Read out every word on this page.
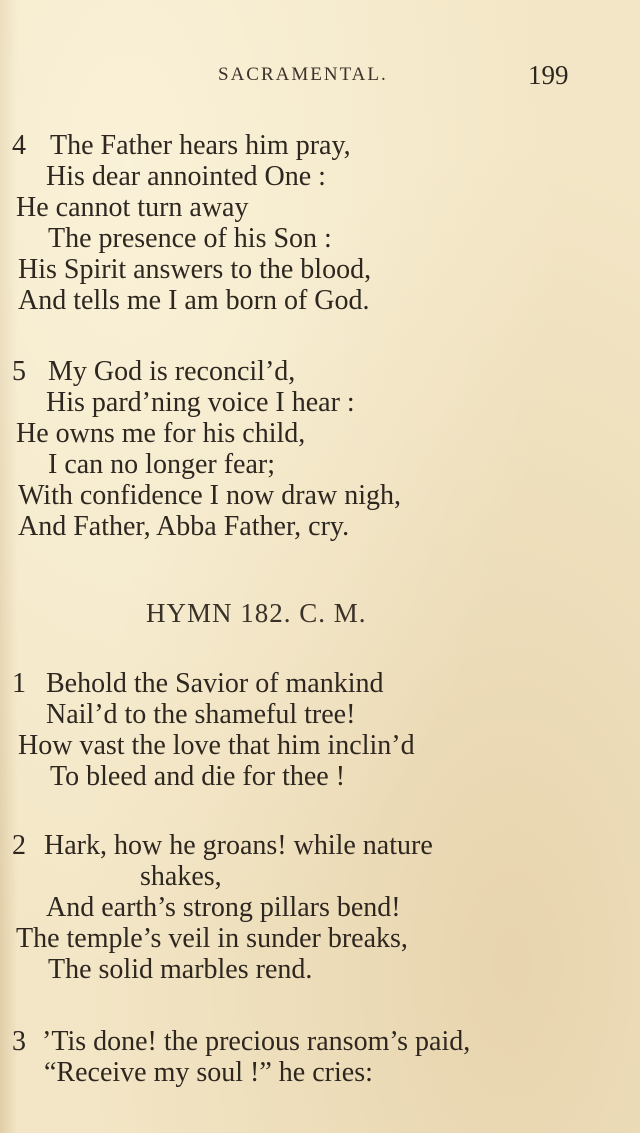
SACRAMENTAL.	199
4 The Father hears him pray,
His dear annointed One :
He cannot turn away
The presence of his Son :
His Spirit answers to the blood,
And tells me I am born of God.
5 My God is reconcil’d,
His pard’ning voice I hear :
He owns me for his child,
I can no longer fear;
With confidence I now draw nigh,
And Father, Abba Father, cry.
HYMN 182. C. M.
1 Behold the Savior of mankind
Nail’d to the shameful tree!
How vast the love that him inclin’d
To bleed and die for thee !
2 Hark, how he groans! while nature
shakes,
And earth’s strong pillars bend!
The temple’s veil in sunder breaks,
The solid marbles rend.
3 ’Tis done! the precious ransom’s paid,
“Receive my soul !” he cries:
